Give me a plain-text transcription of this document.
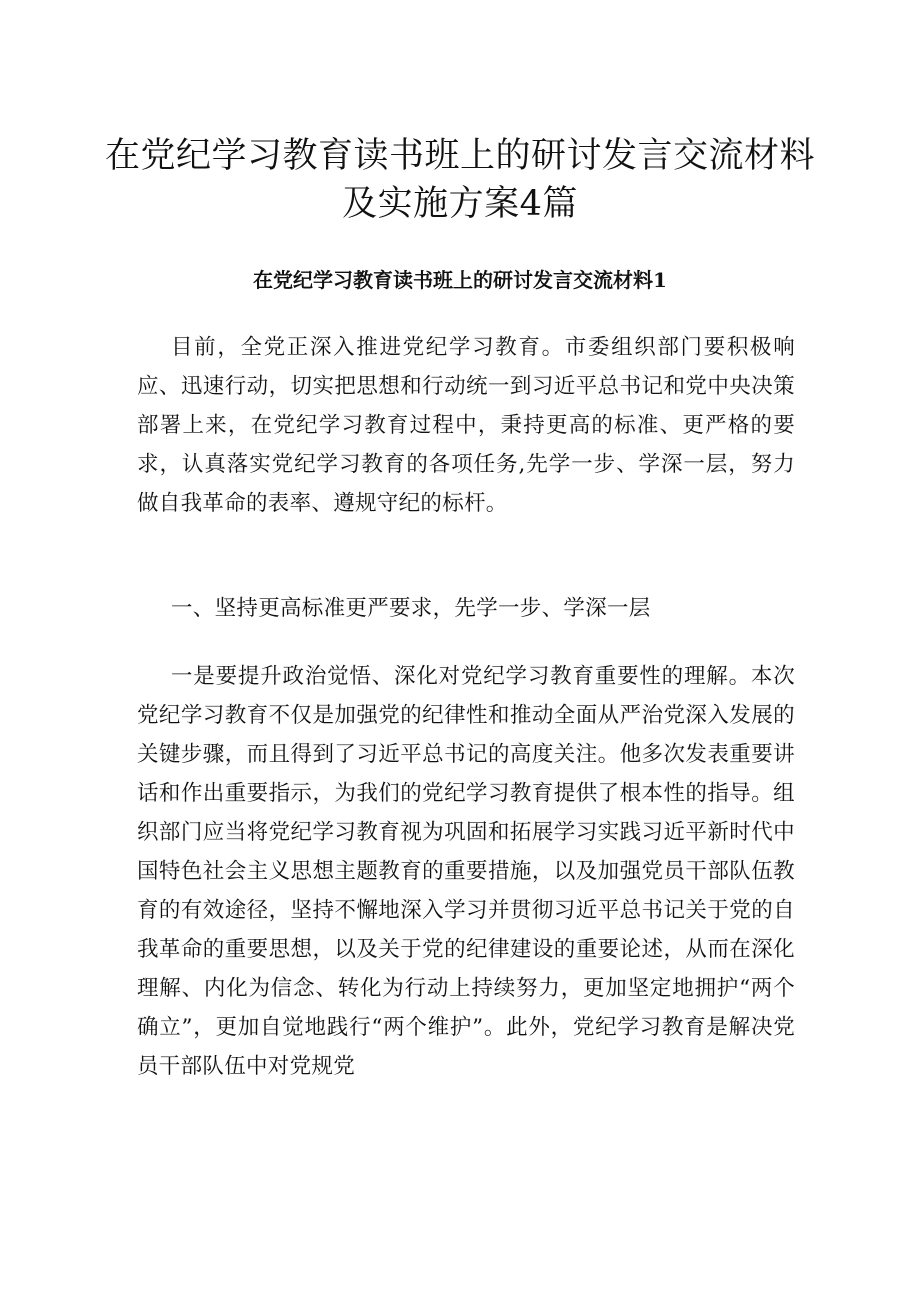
在党纪学习教育读书班上的研讨发言交流材料及实施方案4篇
在党纪学习教育读书班上的研讨发言交流材料1

目前，全党正深入推进党纪学习教育。市委组织部门要积极响应、迅速行动，切实把思想和行动统一到习近平总书记和党中央决策部署上来，在党纪学习教育过程中，秉持更高的标准、更严格的要求，认真落实党纪学习教育的各项任务,先学一步、学深一层，努力做自我革命的表率、遵规守纪的标杆。

一、坚持更高标准更严要求，先学一步、学深一层

一是要提升政治觉悟、深化对党纪学习教育重要性的理解。本次党纪学习教育不仅是加强党的纪律性和推动全面从严治党深入发展的关键步骤，而且得到了习近平总书记的高度关注。他多次发表重要讲话和作出重要指示，为我们的党纪学习教育提供了根本性的指导。组织部门应当将党纪学习教育视为巩固和拓展学习实践习近平新时代中国特色社会主义思想主题教育的重要措施，以及加强党员干部队伍教育的有效途径，坚持不懈地深入学习并贯彻习近平总书记关于党的自我革命的重要思想，以及关于党的纪律建设的重要论述，从而在深化理解、内化为信念、转化为行动上持续努力，更加坚定地拥护“两个确立”，更加自觉地践行“两个维护”。此外，党纪学习教育是解决党员干部队伍中对党规党
